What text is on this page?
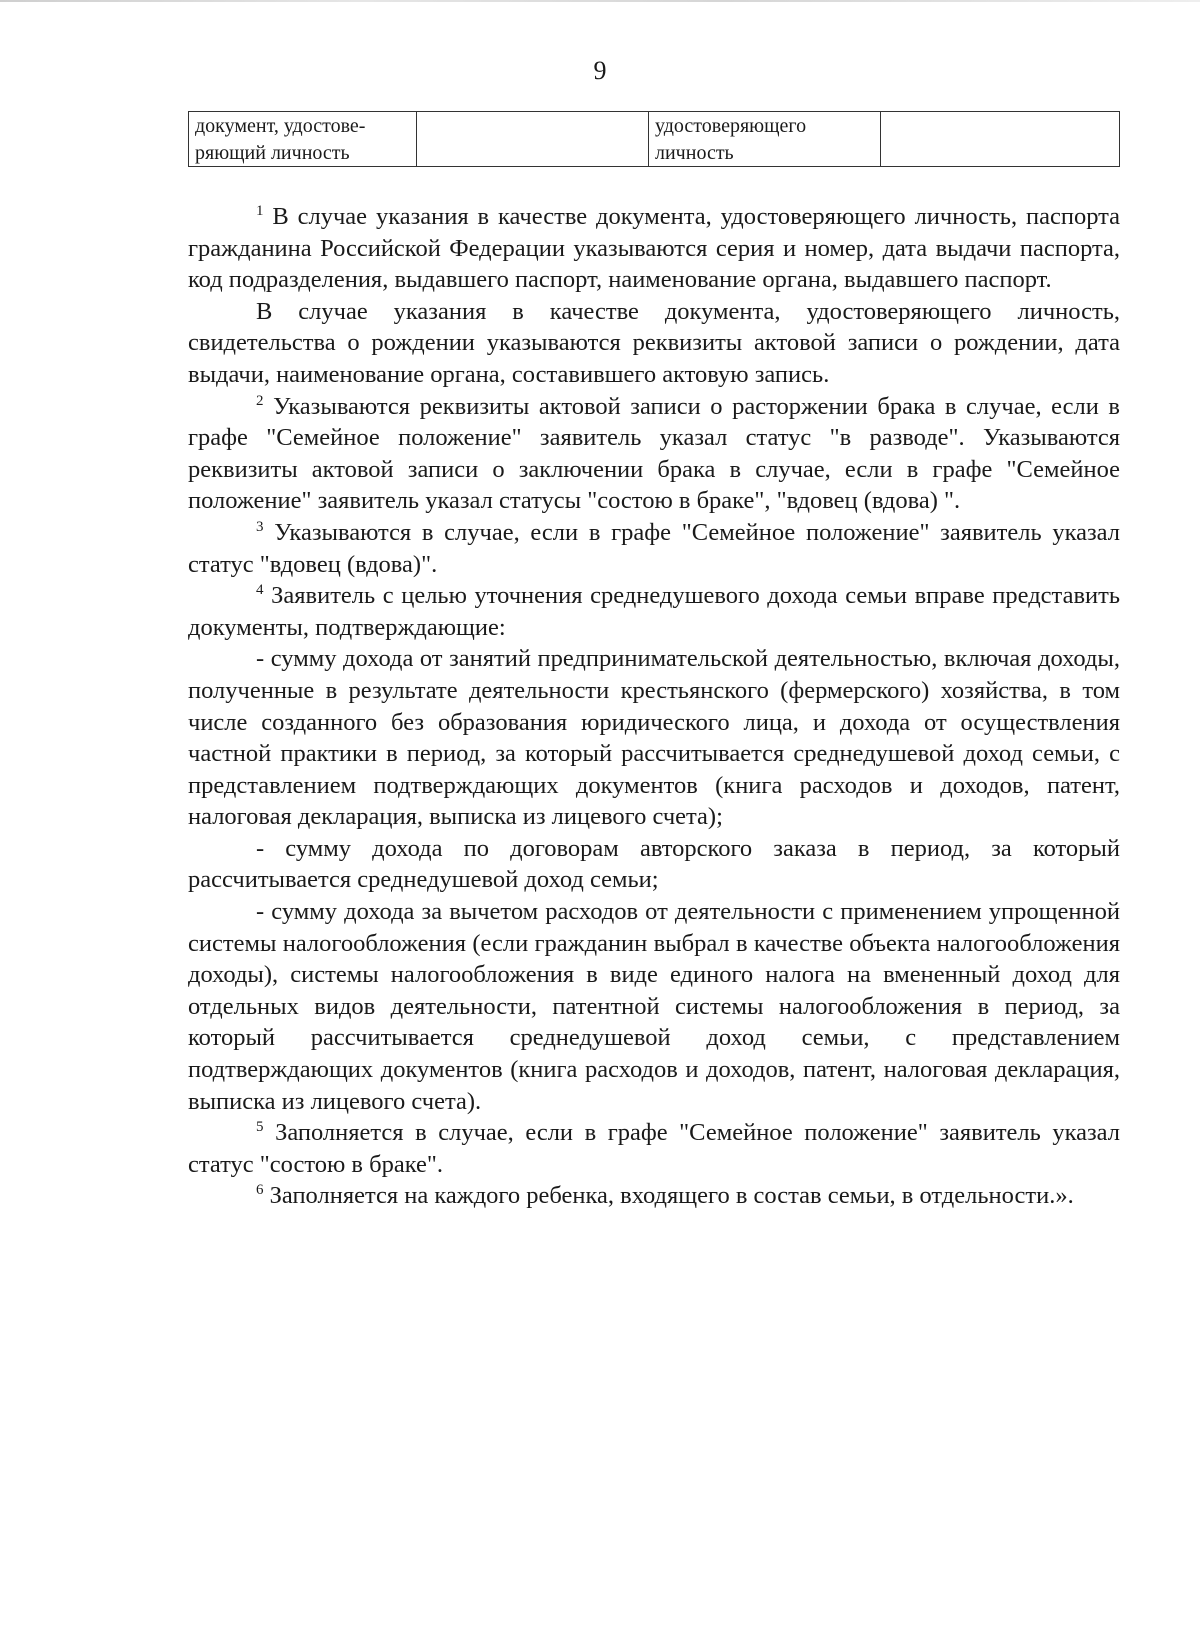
9
документ, удостове- ряющий личность
удостоверяющего личность

$^1$ В случае указания в качестве документа, удостоверяющего личность, паспорта гражданина Российской Федерации указываются серия и номер, дата выдачи паспорта, код подразделения, выдавшего паспорт, наименование органа, выдавшего паспорт.

В случае указания в качестве документа, удостоверяющего личность, свидетельства о рождении указываются реквизиты актовой записи о рождении, дата выдачи, наименование органа, составившего актовую запись.

$^2$ Указываются реквизиты актовой записи о расторжении брака в случае, если в графе "Семейное положение" заявитель указал статус "в разводе". Указываются реквизиты актовой записи о заключении брака в случае, если в графе "Семейное положение" заявитель указал статусы "состою в браке", "вдовец (вдова) ".

$^3$ Указываются в случае, если в графе "Семейное положение" заявитель указал статус "вдовец (вдова)".

$^4$ Заявитель с целью уточнения среднедушевого дохода семьи вправе представить документы, подтверждающие:

- сумму дохода от занятий предпринимательской деятельностью, включая доходы, полученные в результате деятельности крестьянского (фермерского) хозяйства, в том числе созданного без образования юридического лица, и дохода от осуществления частной практики в период, за который рассчитывается среднедушевой доход семьи, с представлением подтверждающих документов (книга расходов и доходов, патент, налоговая декларация, выписка из лицевого счета);

- сумму дохода по договорам авторского заказа в период, за который рассчитывается среднедушевой доход семьи;

- сумму дохода за вычетом расходов от деятельности с применением упрощенной системы налогообложения (если гражданин выбрал в качестве объекта налогообложения доходы), системы налогообложения в виде единого налога на вмененный доход для отдельных видов деятельности, патентной системы налогообложения в период, за который рассчитывается среднедушевой доход семьи, с представлением подтверждающих документов (книга расходов и доходов, патент, налоговая декларация, выписка из лицевого счета).

$^5$ Заполняется в случае, если в графе "Семейное положение" заявитель указал статус "состою в браке".

$^6$ Заполняется на каждого ребенка, входящего в состав семьи, в отдельности.».
